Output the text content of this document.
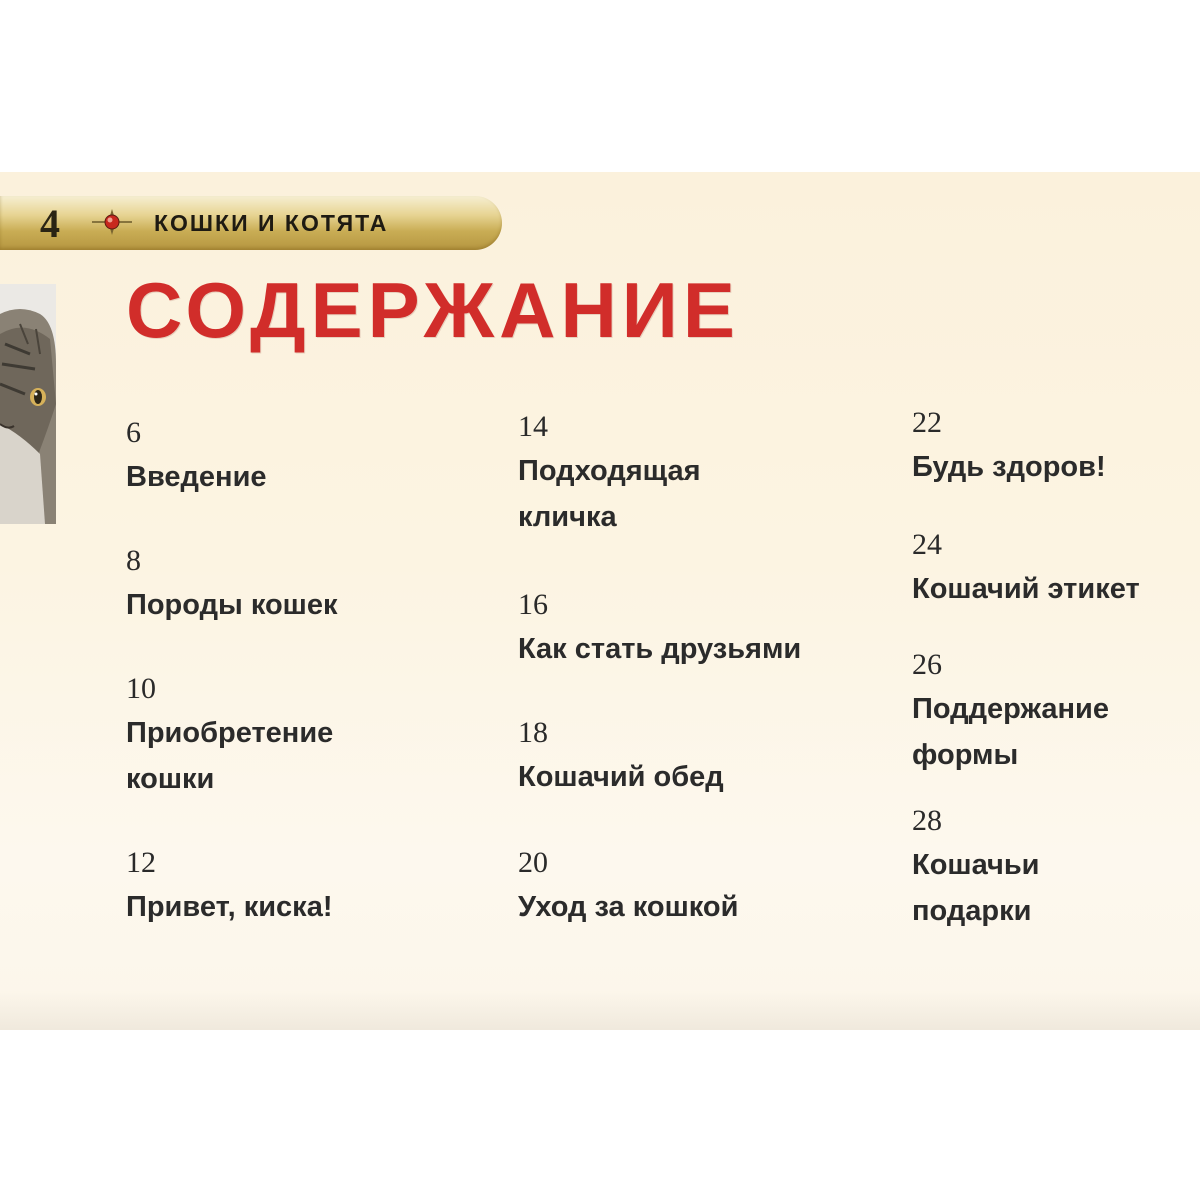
4	КОШКИ И КОТЯТА
СОДЕРЖАНИЕ
6
Введение
8
Породы кошек
10
Приобретение
кошки
12
Привет, киска!
14
Подходящая
кличка
16
Как стать друзьями
18
Кошачий обед
20
Уход за кошкой
22
Будь здоров!
24
Кошачий этикет
26
Поддержание
формы
28
Кошачьи
подарки
